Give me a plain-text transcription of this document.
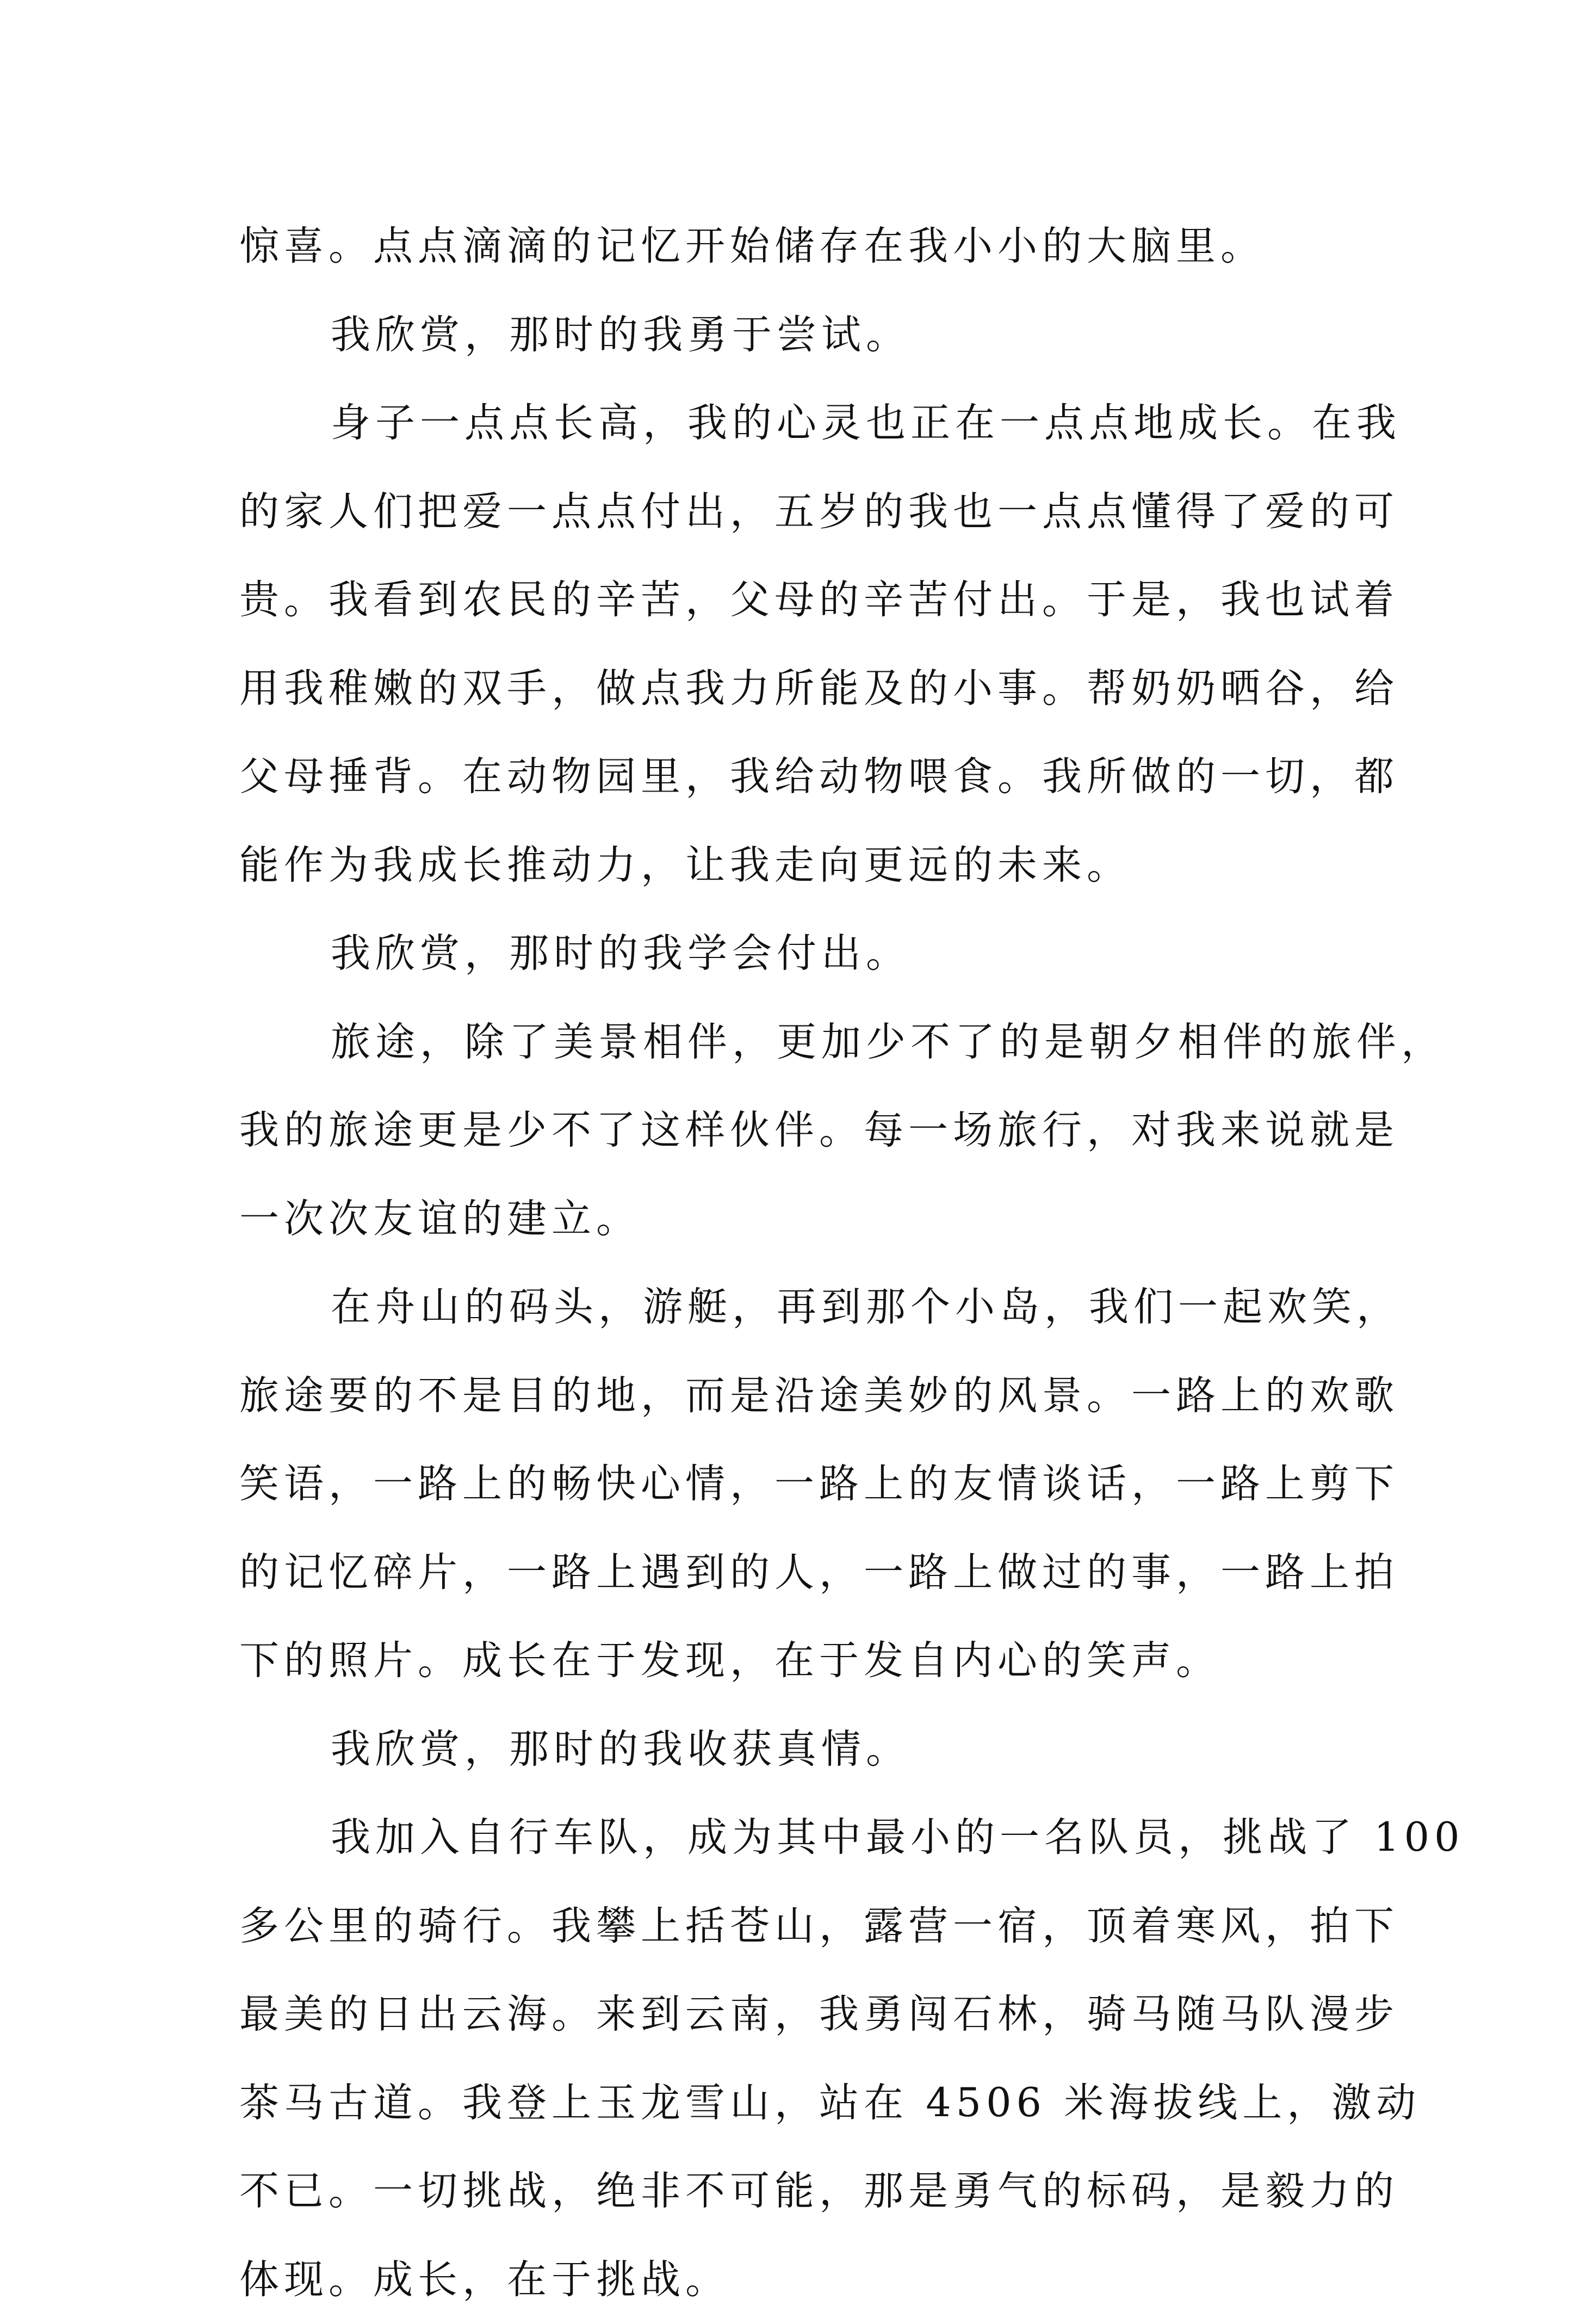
惊喜。点点滴滴的记忆开始储存在我小小的大脑里。
我欣赏，那时的我勇于尝试。
身子一点点长高，我的心灵也正在一点点地成长。在我
的家人们把爱一点点付出，五岁的我也一点点懂得了爱的可
贵。我看到农民的辛苦，父母的辛苦付出。于是，我也试着
用我稚嫩的双手，做点我力所能及的小事。帮奶奶晒谷，给
父母捶背。在动物园里，我给动物喂食。我所做的一切，都
能作为我成长推动力，让我走向更远的未来。
我欣赏，那时的我学会付出。
旅途，除了美景相伴，更加少不了的是朝夕相伴的旅伴，
我的旅途更是少不了这样伙伴。每一场旅行，对我来说就是
一次次友谊的建立。
在舟山的码头，游艇，再到那个小岛，我们一起欢笑，
旅途要的不是目的地，而是沿途美妙的风景。一路上的欢歌
笑语，一路上的畅快心情，一路上的友情谈话，一路上剪下
的记忆碎片，一路上遇到的人，一路上做过的事，一路上拍
下的照片。成长在于发现，在于发自内心的笑声。
我欣赏，那时的我收获真情。
我加入自行车队，成为其中最小的一名队员，挑战了 100
多公里的骑行。我攀上括苍山，露营一宿，顶着寒风，拍下
最美的日出云海。来到云南，我勇闯石林，骑马随马队漫步
茶马古道。我登上玉龙雪山，站在 4506 米海拔线上，激动
不已。一切挑战，绝非不可能，那是勇气的标码，是毅力的
体现。成长，在于挑战。
